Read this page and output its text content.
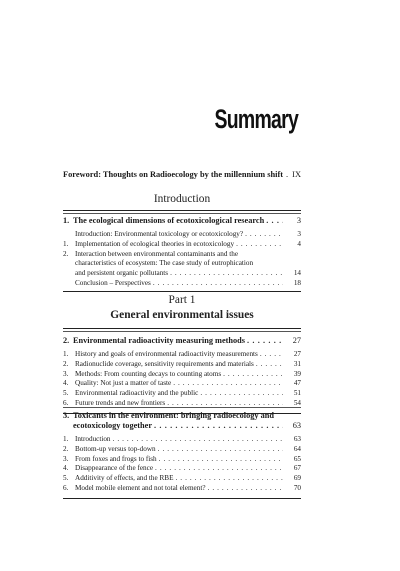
Summary
Foreword: Thoughts on Radioecology by the millennium shift . . . IX
Introduction
1. The ecological dimensions of ecotoxicological research . . .	3
Introduction: Environmental toxicology or ecotoxicology? . . .	3
1. Implementation of ecological theories in ecotoxicology . . .	4
2. Interaction between environmental contaminants and the
characteristics of ecosystem: The case study of eutrophication
and persistent organic pollutants . . .	14
Conclusion – Perspectives . . .	18
Part 1
General environmental issues
2. Environmental radioactivity measuring methods . . .	27
1. History and goals of environmental radioactivity measurements . . .	27
2. Radionuclide coverage, sensitivity requirements and materials . . .	31
3. Methods: From counting decays to counting atoms . . .	39
4. Quality: Not just a matter of taste . . .	47
5. Environmental radioactivity and the public . . .	51
6. Future trends and new frontiers . . .	54
3. Toxicants in the environment: bringing radioecology and
ecotoxicology together . . .	63
1. Introduction . . .	63
2. Bottom-up versus top-down . . .	64
3. From foxes and frogs to fish . . .	65
4. Disappearance of the fence . . .	67
5. Additivity of effects, and the RBE . . .	69
6. Model mobile element and not total element? . . .	70
